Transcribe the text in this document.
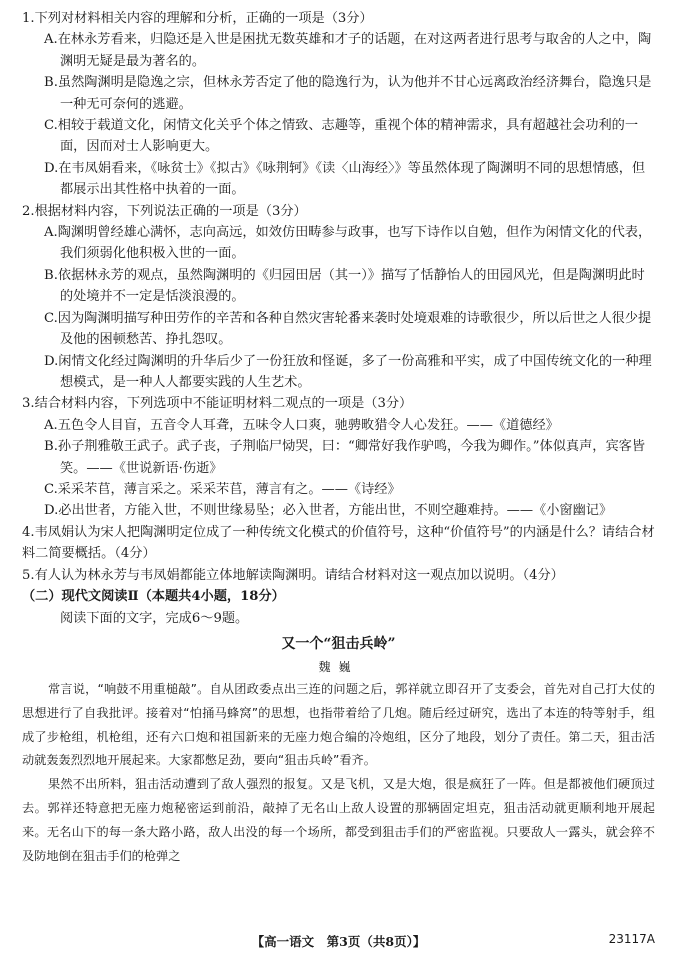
1.下列对材料相关内容的理解和分析，正确的一项是（3分）

A.在林永芳看来，归隐还是入世是困扰无数英雄和才子的话题，在对这两者进行思考与取舍的人之中，陶渊明无疑是最为著名的。

B.虽然陶渊明是隐逸之宗，但林永芳否定了他的隐逸行为，认为他并不甘心远离政治经济舞台，隐逸只是一种无可奈何的逃避。

C.相较于载道文化，闲情文化关乎个体之情致、志趣等，重视个体的精神需求，具有超越社会功利的一面，因而对士人影响更大。

D.在韦凤娟看来，《咏贫士》《拟古》《咏荆轲》《读〈山海经〉》等虽然体现了陶渊明不同的思想情感，但都展示出其性格中执着的一面。

2.根据材料内容，下列说法正确的一项是（3分）

A.陶渊明曾经雄心满怀，志向高远，如效仿田畴参与政事，也写下诗作以自勉，但作为闲情文化的代表，我们须弱化他积极入世的一面。

B.依据林永芳的观点，虽然陶渊明的《归园田居（其一）》描写了恬静怡人的田园风光，但是陶渊明此时的处境并不一定是恬淡浪漫的。

C.因为陶渊明描写种田劳作的辛苦和各种自然灾害轮番来袭时处境艰难的诗歌很少，所以后世之人很少提及他的困顿愁苦、挣扎怨叹。

D.闲情文化经过陶渊明的升华后少了一份狂放和怪诞，多了一份高雅和平实，成了中国传统文化的一种理想模式，是一种人人都要实践的人生艺术。

3.结合材料内容，下列选项中不能证明材料二观点的一项是（3分）

A.五色令人目盲，五音令人耳聋，五味令人口爽，驰骋畋猎令人心发狂。——《道德经》

B.孙子荆雅敬王武子。武子丧，子荆临尸恸哭，曰：“卿常好我作驴鸣，今我为卿作。”体似真声，宾客皆笑。——《世说新语·伤逝》

C.采采芣苢，薄言采之。采采芣苢，薄言有之。——《诗经》

D.必出世者，方能入世，不则世缘易坠；必入世者，方能出世，不则空趣难持。——《小窗幽记》

4.韦凤娟认为宋人把陶渊明定位成了一种传统文化模式的价值符号，这种“价值符号”的内涵是什么？请结合材料二简要概括。（4分）

5.有人认为林永芳与韦凤娟都能立体地解读陶渊明。请结合材料对这一观点加以说明。（4分）

（二）现代文阅读Ⅱ（本题共4小题，18分）

阅读下面的文字，完成6～9题。

又一个“狙击兵岭”

魏巍

常言说，“响鼓不用重槌敲”。自从团政委点出三连的问题之后，郭祥就立即召开了支委会，首先对自己打大仗的思想进行了自我批评。接着对“怕捅马蜂窝”的思想，也指带着给了几炮。随后经过研究，选出了本连的特等射手，组成了步枪组，机枪组，还有六口炮和祖国新来的无座力炮合编的冷炮组，区分了地段，划分了责任。第二天，狙击活动就轰轰烈烈地开展起来。大家都憋足劲，要向“狙击兵岭”看齐。

果然不出所料，狙击活动遭到了敌人强烈的报复。又是飞机，又是大炮，很是疯狂了一阵。但是都被他们硬顶过去。郭祥还特意把无座力炮秘密运到前沿，敲掉了无名山上敌人设置的那辆固定坦克，狙击活动就更顺利地开展起来。无名山下的每一条大路小路，敌人出没的每一个场所，都受到狙击手们的严密监视。只要敌人一露头，就会猝不及防地倒在狙击手们的枪弹之

【高一语文　第3页（共8页）】	23117A
